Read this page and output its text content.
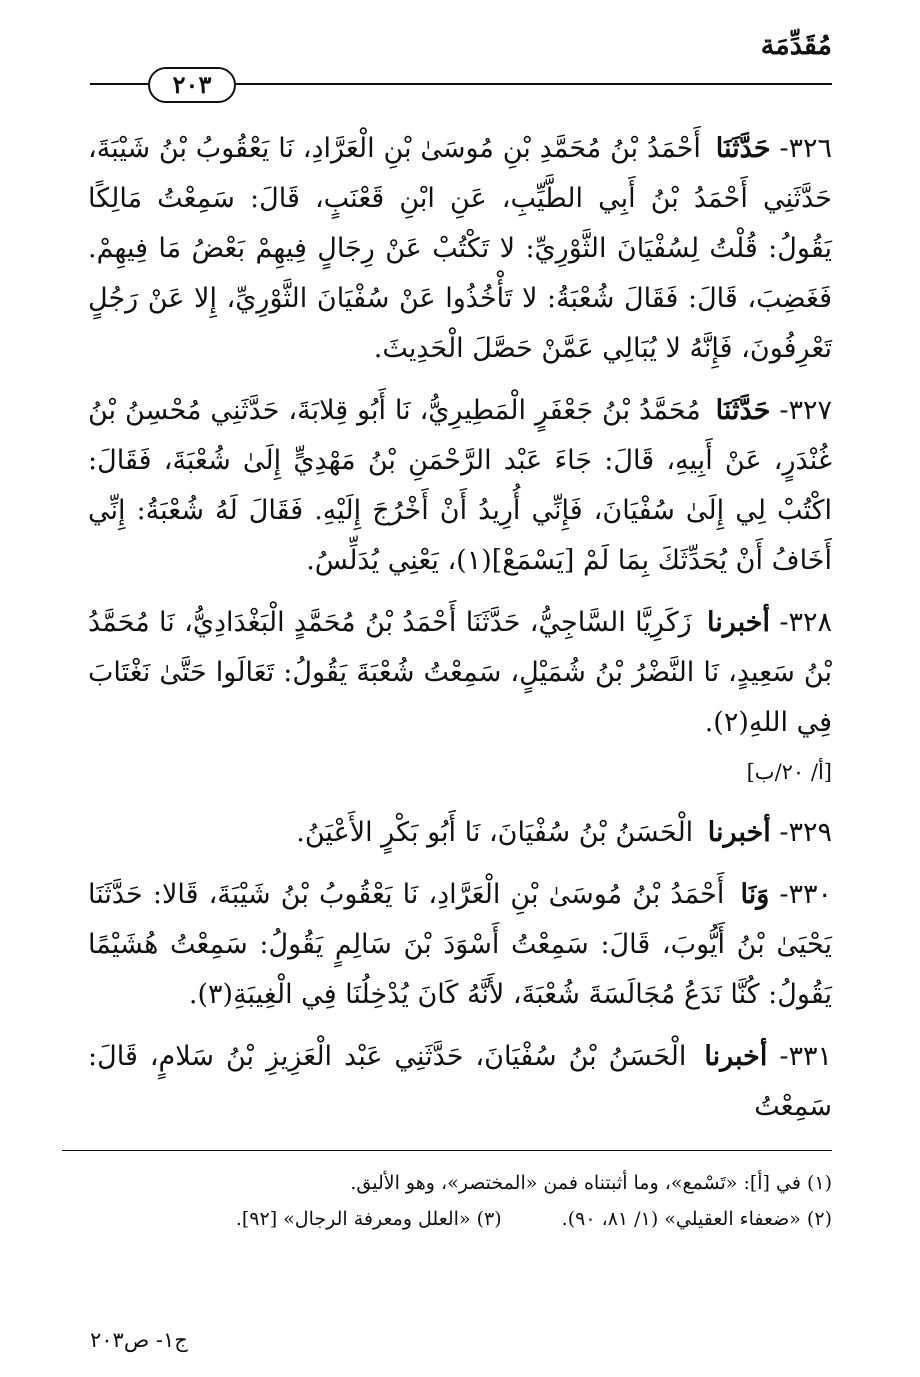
مُقَدِّمَة
٢٠٣

٣٢٦- حَدَّثَنَا أَحْمَدُ بْنُ مُحَمَّدِ بْنِ مُوسَىٰ بْنِ الْعَرَّادِ، نَا يَعْقُوبُ بْنُ شَيْبَةَ، حَدَّثَنِي أَحْمَدُ بْنُ أَبِي الطَّيِّبِ، عَنِ ابْنِ قَعْنَبٍ، قَالَ: سَمِعْتُ مَالِكًا يَقُولُ: قُلْتُ لِسُفْيَانَ الثَّوْرِيِّ: لا تَكْتُبْ عَنْ رِجَالٍ فِيهِمْ بَعْضُ مَا فِيهِمْ. فَغَضِبَ، قَالَ: فَقَالَ شُعْبَةُ: لا تَأْخُذُوا عَنْ سُفْيَانَ الثَّوْرِيِّ، إِلا عَنْ رَجُلٍ تَعْرِفُونَ، فَإِنَّهُ لا يُبَالِي عَمَّنْ حَصَّلَ الْحَدِيثَ.

٣٢٧- حَدَّثَنَا مُحَمَّدُ بْنُ جَعْفَرٍ الْمَطِيرِيُّ، نَا أَبُو قِلابَةَ، حَدَّثَنِي مُحْسِنُ بْنُ غُنْدَرٍ، عَنْ أَبِيهِ، قَالَ: جَاءَ عَبْد الرَّحْمَنِ بْنُ مَهْدِيٍّ إِلَىٰ شُعْبَةَ، فَقَالَ: اكْتُبْ لِي إِلَىٰ سُفْيَانَ، فَإِنِّي أُرِيدُ أَنْ أَخْرُجَ إِلَيْهِ. فَقَالَ لَهُ شُعْبَةُ: إِنِّي أَخَافُ أَنْ يُحَدِّثَكَ بِمَا لَمْ [يَسْمَعْ](١)، يَعْنِي يُدَلِّسُ.

٣٢٨- أخبرنا زَكَرِيَّا السَّاجِيُّ، حَدَّثَنَا أَحْمَدُ بْنُ مُحَمَّدٍ الْبَغْدَادِيُّ، نَا مُحَمَّدُ بْنُ سَعِيدٍ، نَا النَّضْرُ بْنُ شُمَيْلٍ، سَمِعْتُ شُعْبَةَ يَقُولُ: تَعَالَوا حَتَّىٰ نَغْتَابَ فِي اللهِ(٢).

[أ/ ٢٠/ب]

٣٢٩- أخبرنا الْحَسَنُ بْنُ سُفْيَانَ، نَا أَبُو بَكْرٍ الأَعْيَنُ.

٣٣٠- وَنَا أَحْمَدُ بْنُ مُوسَىٰ بْنِ الْعَرَّادِ، نَا يَعْقُوبُ بْنُ شَيْبَةَ، قَالا: حَدَّثَنَا يَحْيَىٰ بْنُ أَيُّوبَ، قَالَ: سَمِعْتُ أَسْوَدَ بْنَ سَالِمٍ يَقُولُ: سَمِعْتُ هُشَيْمًا يَقُولُ: كُنَّا نَدَعُ مُجَالَسَةَ شُعْبَةَ، لأَنَّهُ كَانَ يُدْخِلُنَا فِي الْغِيبَةِ(٣).

٣٣١- أخبرنا الْحَسَنُ بْنُ سُفْيَانَ، حَدَّثَنِي عَبْد الْعَزِيزِ بْنُ سَلامٍ، قَالَ: سَمِعْتُ

(١) في [أ]: «تَسْمع»، وما أثبتناه فمن «المختصر»، وهو الأليق.
(٢) «ضعفاء العقيلي» (١/ ٨١، ٩٠).
(٣) «العلل ومعرفة الرجال» [٩٢].
ج١- ص٢٠٣
